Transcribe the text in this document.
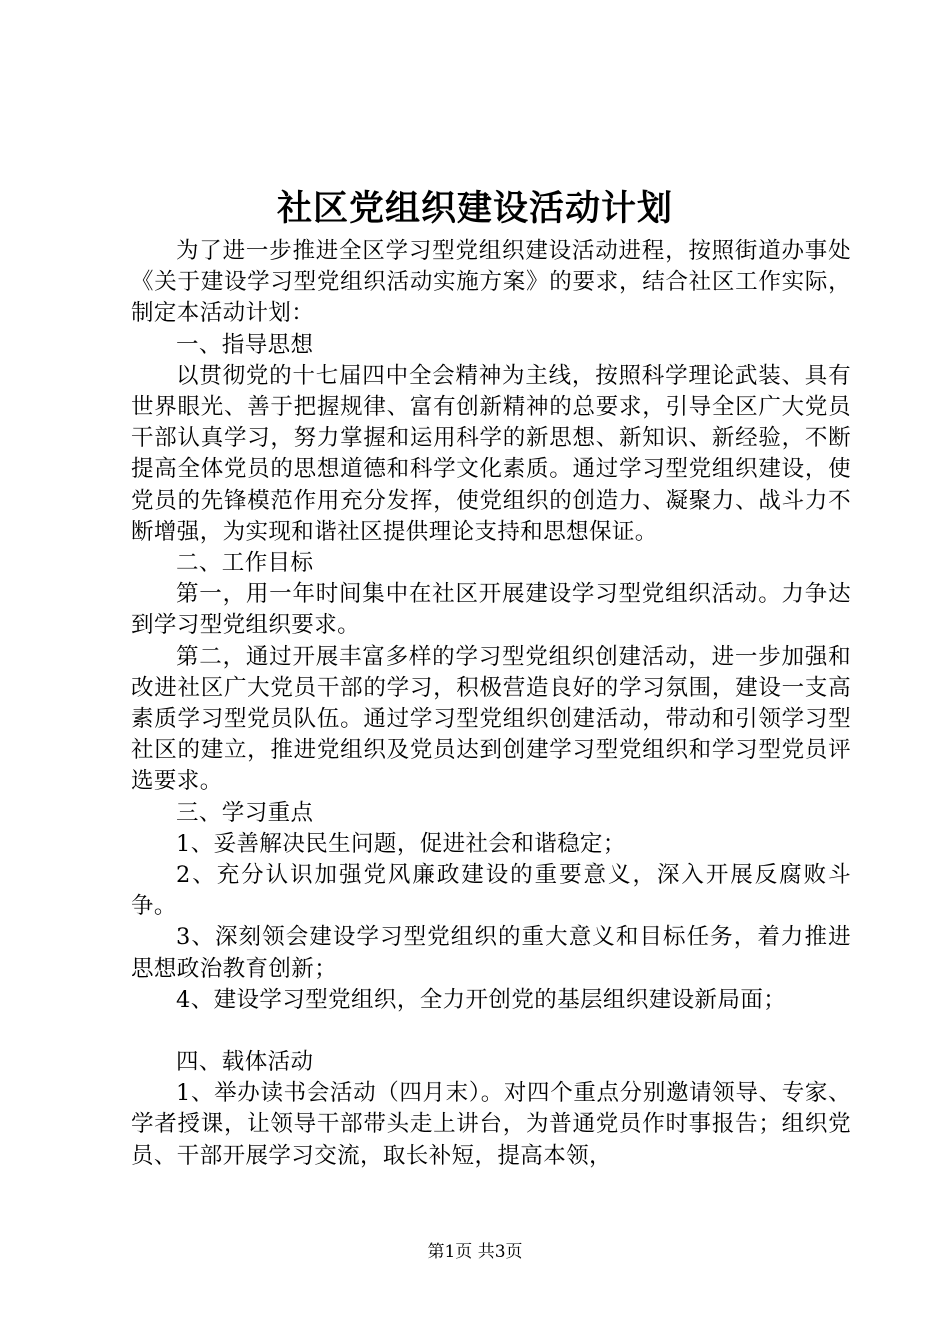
社区党组织建设活动计划

为了进一步推进全区学习型党组织建设活动进程，按照街道办事处《关于建设学习型党组织活动实施方案》的要求，结合社区工作实际，制定本活动计划：

一、指导思想

以贯彻党的十七届四中全会精神为主线，按照科学理论武装、具有世界眼光、善于把握规律、富有创新精神的总要求，引导全区广大党员干部认真学习，努力掌握和运用科学的新思想、新知识、新经验，不断提高全体党员的思想道德和科学文化素质。通过学习型党组织建设，使党员的先锋模范作用充分发挥，使党组织的创造力、凝聚力、战斗力不断增强，为实现和谐社区提供理论支持和思想保证。

二、工作目标

第一，用一年时间集中在社区开展建设学习型党组织活动。力争达到学习型党组织要求。

第二，通过开展丰富多样的学习型党组织创建活动，进一步加强和改进社区广大党员干部的学习，积极营造良好的学习氛围，建设一支高素质学习型党员队伍。通过学习型党组织创建活动，带动和引领学习型社区的建立，推进党组织及党员达到创建学习型党组织和学习型党员评选要求。

三、学习重点

1、妥善解决民生问题，促进社会和谐稳定；

2、充分认识加强党风廉政建设的重要意义，深入开展反腐败斗争。

3、深刻领会建设学习型党组织的重大意义和目标任务，着力推进思想政治教育创新；

4、建设学习型党组织，全力开创党的基层组织建设新局面；

四、载体活动

1、举办读书会活动（四月末）。对四个重点分别邀请领导、专家、学者授课，让领导干部带头走上讲台，为普通党员作时事报告；组织党员、干部开展学习交流，取长补短，提高本领，

第1页 共3页
